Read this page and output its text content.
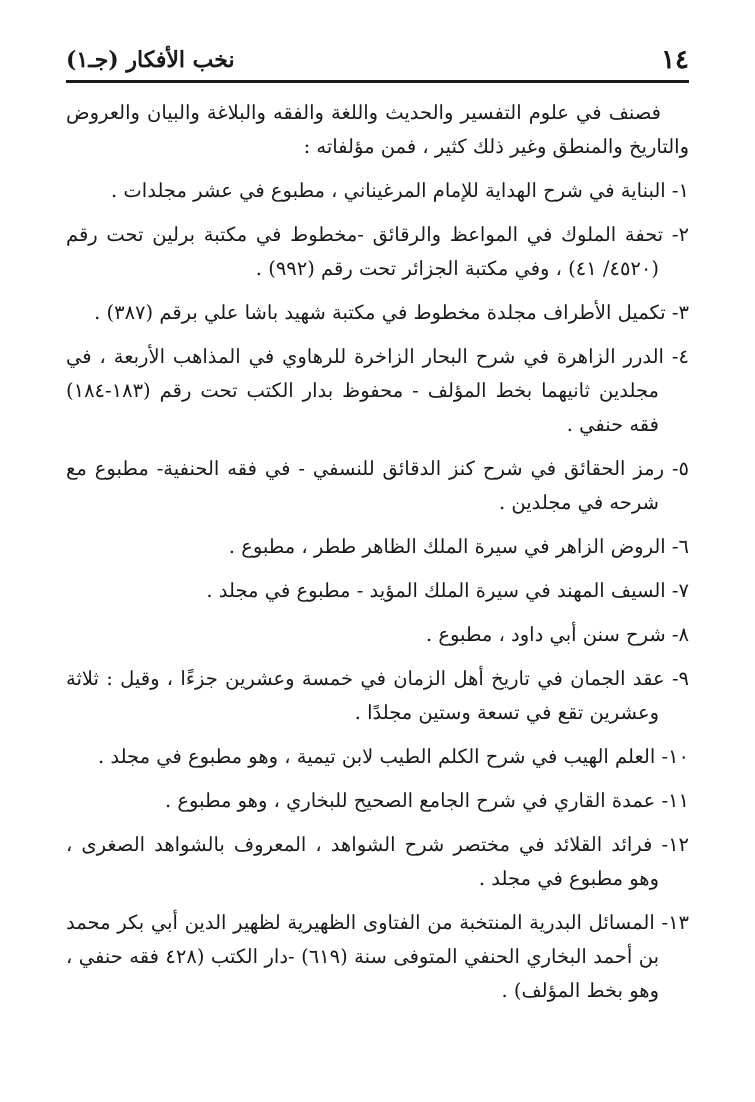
١٤
نخب الأفكار (جـ١)

فصنف في علوم التفسير والحديث واللغة والفقه والبلاغة والبيان والعروض والتاريخ والمنطق وغير ذلك كثير ، فمن مؤلفاته :

١- البناية في شرح الهداية للإمام المرغيناني ، مطبوع في عشر مجلدات .
٢- تحفة الملوك في المواعظ والرقائق -مخطوط في مكتبة برلين تحت رقم (٤٥٢٠/ ٤١) ، وفي مكتبة الجزائر تحت رقم (٩٩٢) .
٣- تكميل الأطراف مجلدة مخطوط في مكتبة شهيد باشا علي برقم (٣٨٧) .
٤- الدرر الزاهرة في شرح البحار الزاخرة للرهاوي في المذاهب الأربعة ، في مجلدين ثانيهما بخط المؤلف - محفوظ بدار الكتب تحت رقم (١٨٣-١٨٤) فقه حنفي .
٥- رمز الحقائق في شرح كنز الدقائق للنسفي - في فقه الحنفية- مطبوع مع شرحه في مجلدين .
٦- الروض الزاهر في سيرة الملك الظاهر ططر ، مطبوع .
٧- السيف المهند في سيرة الملك المؤيد - مطبوع في مجلد .
٨- شرح سنن أبي داود ، مطبوع .
٩- عقد الجمان في تاريخ أهل الزمان في خمسة وعشرين جزءًا ، وقيل : ثلاثة وعشرين تقع في تسعة وستين مجلدًا .
١٠- العلم الهيب في شرح الكلم الطيب لابن تيمية ، وهو مطبوع في مجلد .
١١- عمدة القاري في شرح الجامع الصحيح للبخاري ، وهو مطبوع .
١٢- فرائد القلائد في مختصر شرح الشواهد ، المعروف بالشواهد الصغرى ، وهو مطبوع في مجلد .
١٣- المسائل البدرية المنتخبة من الفتاوى الظهيرية لظهير الدين أبي بكر محمد بن أحمد البخاري الحنفي المتوفى سنة (٦١٩) -دار الكتب (٤٢٨ فقه حنفي ، وهو بخط المؤلف) .
